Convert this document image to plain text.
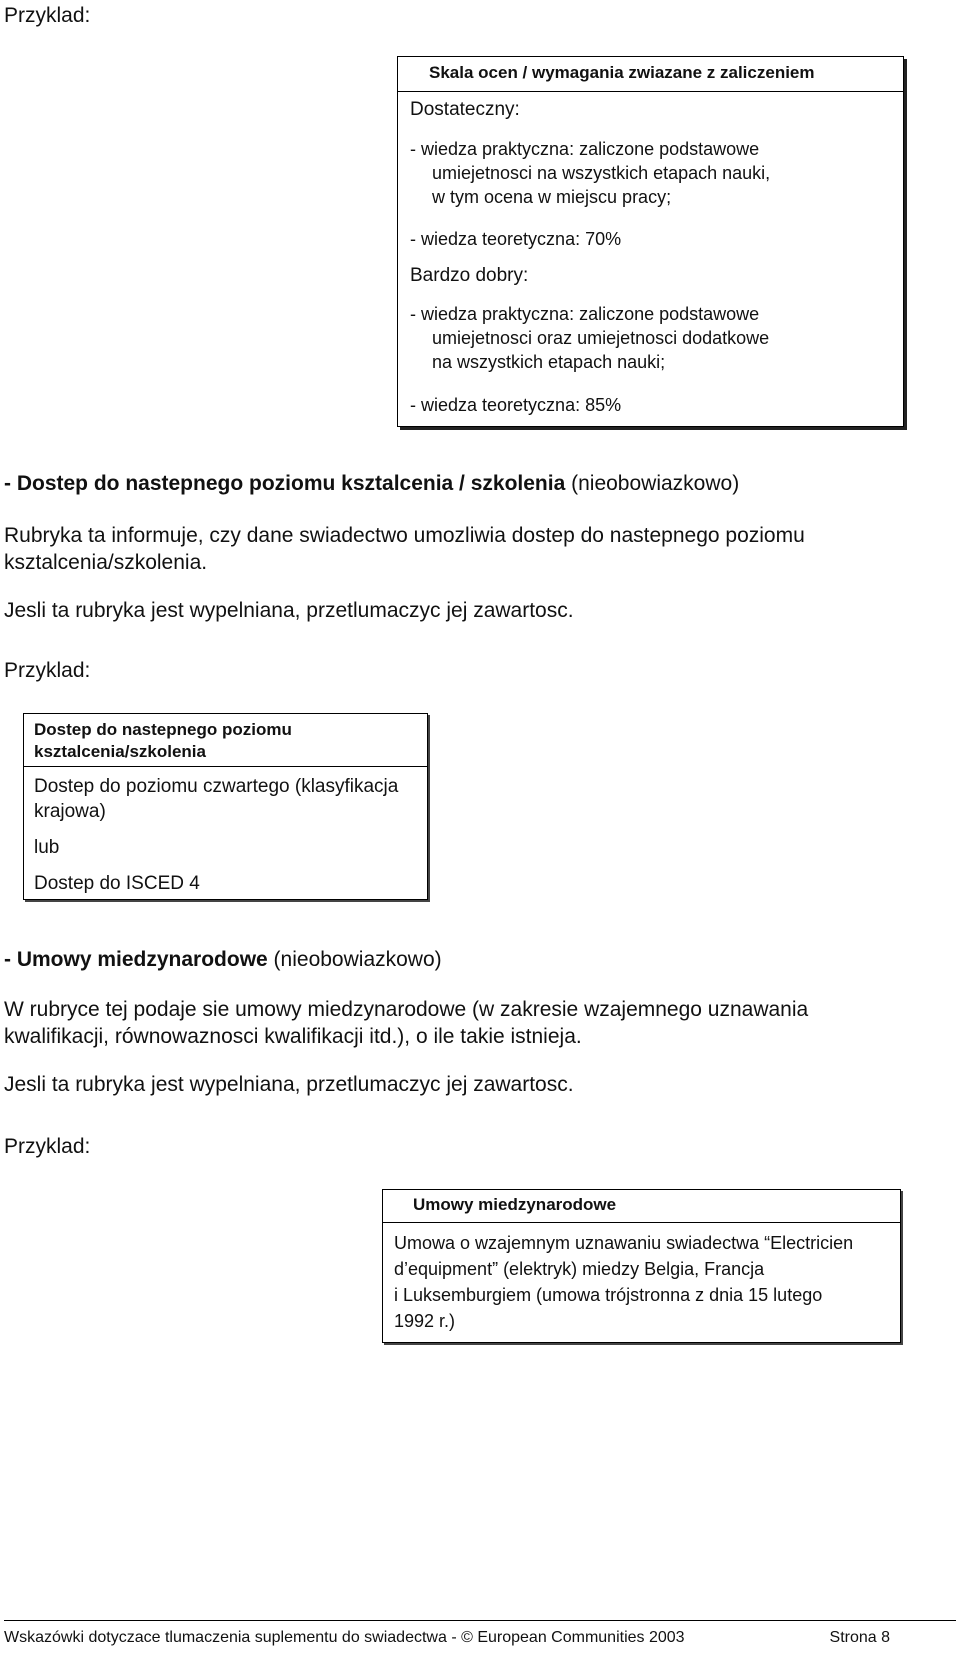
Przyklad:
Skala ocen / wymagania zwiazane z zaliczeniem
Dostateczny:
- wiedza praktyczna: zaliczone podstawowe
umiejetnosci na wszystkich etapach nauki,
w tym ocena w miejscu pracy;
- wiedza teoretyczna: 70%
Bardzo dobry:
- wiedza praktyczna: zaliczone podstawowe
umiejetnosci oraz umiejetnosci dodatkowe
na wszystkich etapach nauki;
- wiedza teoretyczna: 85%
- Dostep do nastepnego poziomu ksztalcenia / szkolenia (nieobowiazkowo)
Rubryka ta informuje, czy dane swiadectwo umozliwia dostep do nastepnego poziomu
ksztalcenia/szkolenia.
Jesli ta rubryka jest wypelniana, przetlumaczyc jej zawartosc.
Przyklad:
Dostep do nastepnego poziomu
ksztalcenia/szkolenia
Dostep do poziomu czwartego (klasyfikacja
krajowa)
lub
Dostep do ISCED 4
- Umowy miedzynarodowe (nieobowiazkowo)
W rubryce tej podaje sie umowy miedzynarodowe (w zakresie wzajemnego uznawania
kwalifikacji, równowaznosci kwalifikacji itd.), o ile takie istnieja.
Jesli ta rubryka jest wypelniana, przetlumaczyc jej zawartosc.
Przyklad:
Umowy miedzynarodowe
Umowa o wzajemnym uznawaniu swiadectwa “Electricien
d’equipment” (elektryk) miedzy Belgia, Francja
i Luksemburgiem (umowa trójstronna z dnia 15 lutego
1992 r.)
Wskazówki dotyczace tlumaczenia suplementu do swiadectwa - © European Communities 2003	Strona 8
